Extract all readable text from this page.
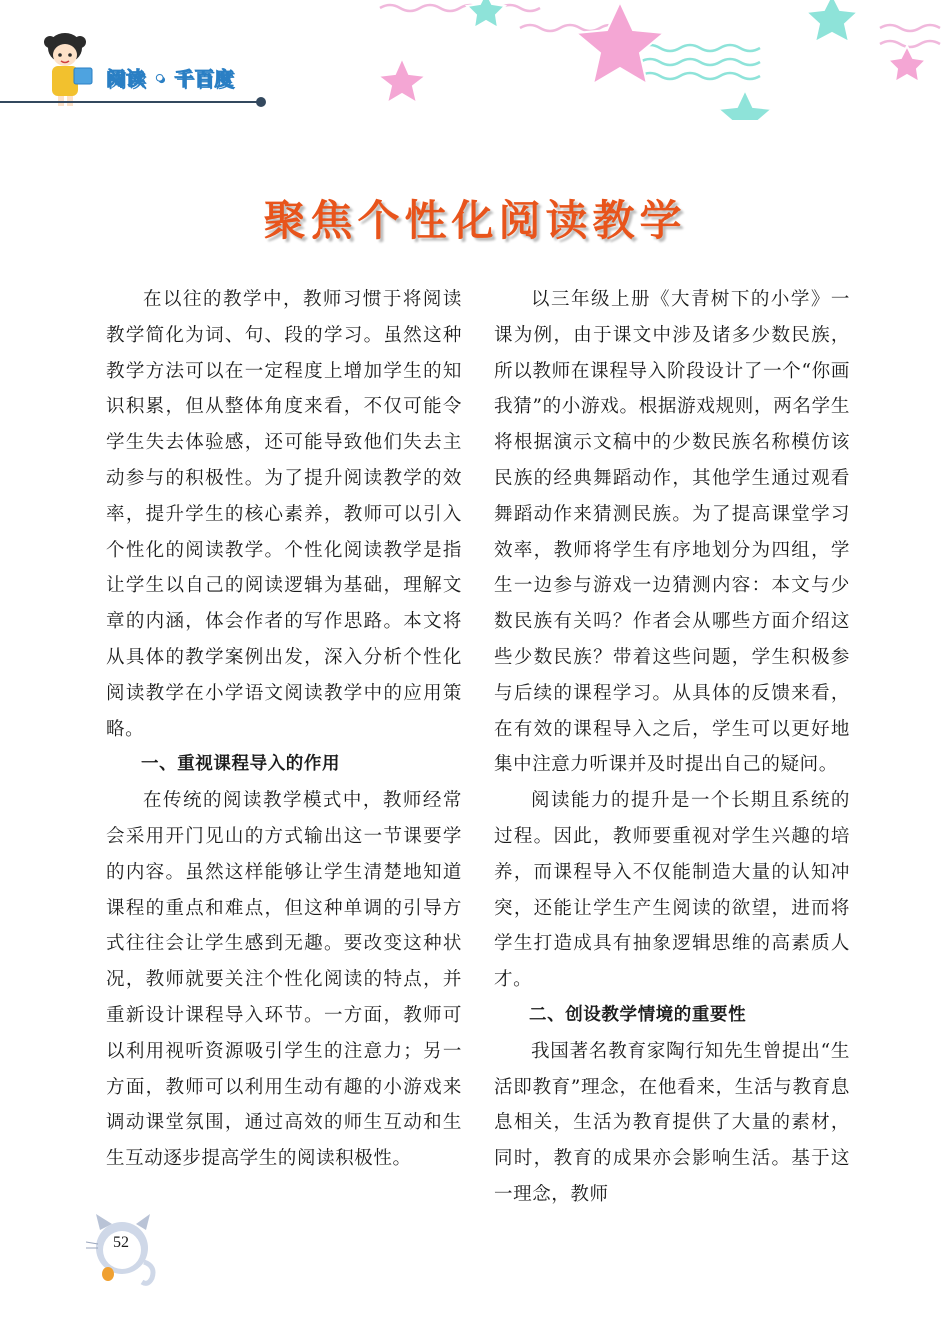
阅读 • 千百度
聚焦个性化阅读教学

在以往的教学中，教师习惯于将阅读教学简化为词、句、段的学习。虽然这种教学方法可以在一定程度上增加学生的知识积累，但从整体角度来看，不仅可能令学生失去体验感，还可能导致他们失去主动参与的积极性。为了提升阅读教学的效率，提升学生的核心素养，教师可以引入个性化的阅读教学。个性化阅读教学是指让学生以自己的阅读逻辑为基础，理解文章的内涵，体会作者的写作思路。本文将从具体的教学案例出发，深入分析个性化阅读教学在小学语文阅读教学中的应用策略。

一、重视课程导入的作用

在传统的阅读教学模式中，教师经常会采用开门见山的方式输出这一节课要学的内容。虽然这样能够让学生清楚地知道课程的重点和难点，但这种单调的引导方式往往会让学生感到无趣。要改变这种状况，教师就要关注个性化阅读的特点，并重新设计课程导入环节。一方面，教师可以利用视听资源吸引学生的注意力；另一方面，教师可以利用生动有趣的小游戏来调动课堂氛围，通过高效的师生互动和生生互动逐步提高学生的阅读积极性。

以三年级上册《大青树下的小学》一课为例，由于课文中涉及诸多少数民族，所以教师在课程导入阶段设计了一个“你画我猜”的小游戏。根据游戏规则，两名学生将根据演示文稿中的少数民族名称模仿该民族的经典舞蹈动作，其他学生通过观看舞蹈动作来猜测民族。为了提高课堂学习效率，教师将学生有序地划分为四组，学生一边参与游戏一边猜测内容：本文与少数民族有关吗？作者会从哪些方面介绍这些少数民族？带着这些问题，学生积极参与后续的课程学习。从具体的反馈来看，在有效的课程导入之后，学生可以更好地集中注意力听课并及时提出自己的疑问。

阅读能力的提升是一个长期且系统的过程。因此，教师要重视对学生兴趣的培养，而课程导入不仅能制造大量的认知冲突，还能让学生产生阅读的欲望，进而将学生打造成具有抽象逻辑思维的高素质人才。

二、创设教学情境的重要性

我国著名教育家陶行知先生曾提出“生活即教育”理念，在他看来，生活与教育息息相关，生活为教育提供了大量的素材，同时，教育的成果亦会影响生活。基于这一理念，教师

52
